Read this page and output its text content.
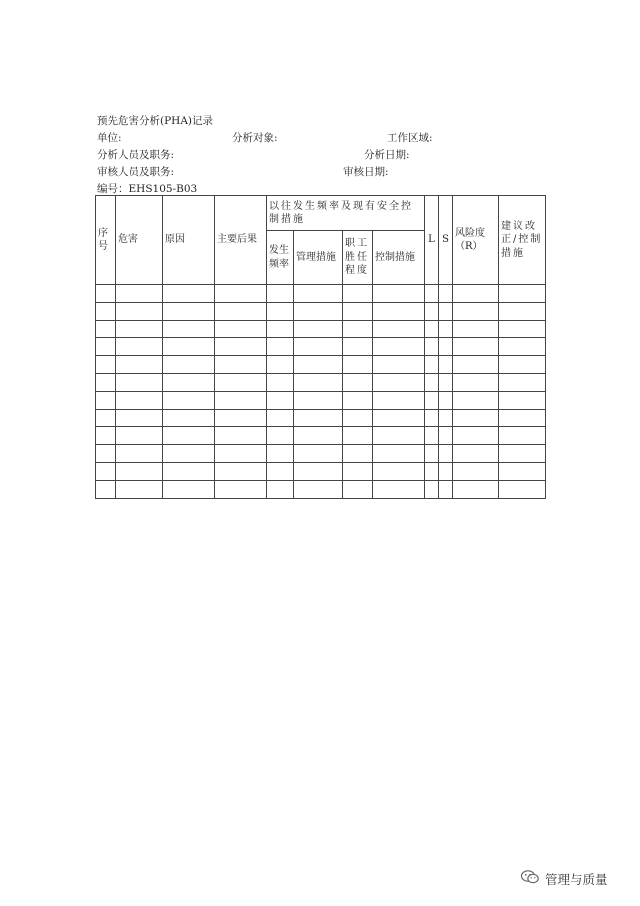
预先危害分析(PHA)记录
单位:	分析对象:	工作区域:
分析人员及职务:	分析日期:
审核人员及职务:	审核日期:
编号：EHS105-B03
序号	危害	原因	主要后果	以往发生频率及现有安全控制措施				L	S	风险度（R）	建议改正/控制措施
				发生频率	管理措施	职工胜任程度	控制措施				

管理与质量
